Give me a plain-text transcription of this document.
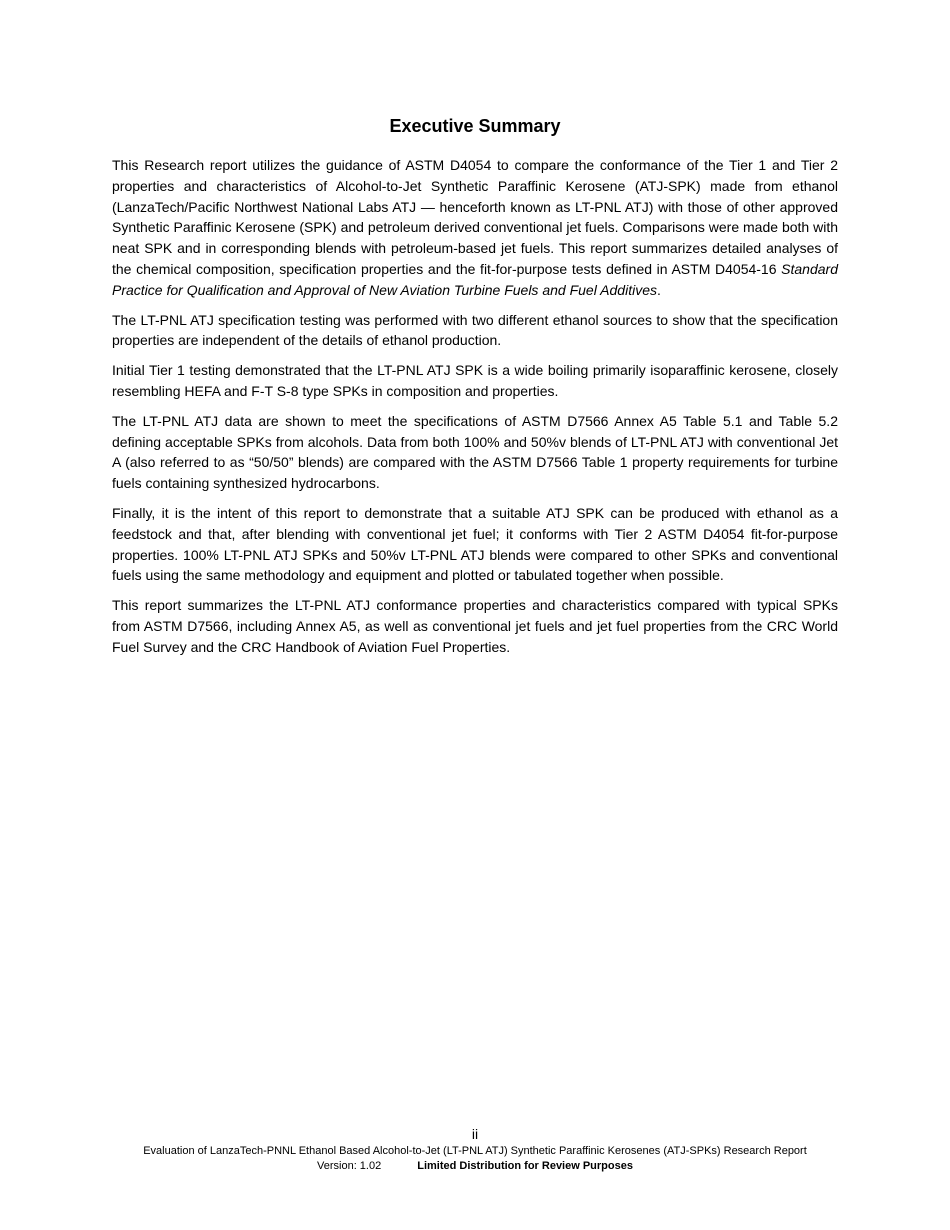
Executive Summary

This Research report utilizes the guidance of ASTM D4054 to compare the conformance of the Tier 1 and Tier 2 properties and characteristics of Alcohol-to-Jet Synthetic Paraffinic Kerosene (ATJ-SPK) made from ethanol (LanzaTech/Pacific Northwest National Labs ATJ — henceforth known as LT-PNL ATJ) with those of other approved Synthetic Paraffinic Kerosene (SPK) and petroleum derived conventional jet fuels. Comparisons were made both with neat SPK and in corresponding blends with petroleum-based jet fuels. This report summarizes detailed analyses of the chemical composition, specification properties and the fit-for-purpose tests defined in ASTM D4054-16 Standard Practice for Qualification and Approval of New Aviation Turbine Fuels and Fuel Additives.

The LT-PNL ATJ specification testing was performed with two different ethanol sources to show that the specification properties are independent of the details of ethanol production.

Initial Tier 1 testing demonstrated that the LT-PNL ATJ SPK is a wide boiling primarily isoparaffinic kerosene, closely resembling HEFA and F-T S-8 type SPKs in composition and properties.

The LT-PNL ATJ data are shown to meet the specifications of ASTM D7566 Annex A5 Table 5.1 and Table 5.2 defining acceptable SPKs from alcohols. Data from both 100% and 50%v blends of LT-PNL ATJ with conventional Jet A (also referred to as “50/50” blends) are compared with the ASTM D7566 Table 1 property requirements for turbine fuels containing synthesized hydrocarbons.

Finally, it is the intent of this report to demonstrate that a suitable ATJ SPK can be produced with ethanol as a feedstock and that, after blending with conventional jet fuel; it conforms with Tier 2 ASTM D4054 fit-for-purpose properties. 100% LT-PNL ATJ SPKs and 50%v LT-PNL ATJ blends were compared to other SPKs and conventional fuels using the same methodology and equipment and plotted or tabulated together when possible.

This report summarizes the LT-PNL ATJ conformance properties and characteristics compared with typical SPKs from ASTM D7566, including Annex A5, as well as conventional jet fuels and jet fuel properties from the CRC World Fuel Survey and the CRC Handbook of Aviation Fuel Properties.

ii
Evaluation of LanzaTech-PNNL Ethanol Based Alcohol-to-Jet (LT-PNL ATJ) Synthetic Paraffinic Kerosenes (ATJ-SPKs) Research Report
Version: 1.02	Limited Distribution for Review Purposes
